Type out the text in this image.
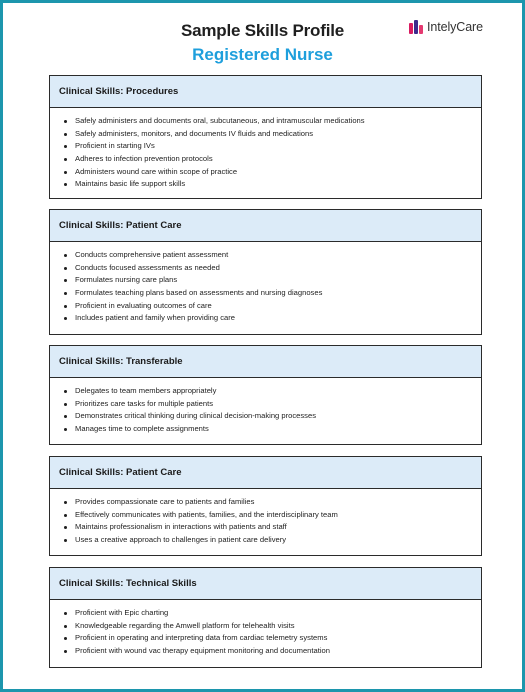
Sample Skills Profile
Registered Nurse
IntelyCare
Clinical Skills: Procedures
Safely administers and documents oral, subcutaneous, and intramuscular medications
Safely administers, monitors, and documents IV fluids and medications
Proficient in starting IVs
Adheres to infection prevention protocols
Administers wound care within scope of practice
Maintains basic life support skills
Clinical Skills: Patient Care
Conducts comprehensive patient assessment
Conducts focused assessments as needed
Formulates nursing care plans
Formulates teaching plans based on assessments and nursing diagnoses
Proficient in evaluating outcomes of care
Includes patient and family when providing care
Clinical Skills: Transferable
Delegates to team members appropriately
Prioritizes care tasks for multiple patients
Demonstrates critical thinking during clinical decision-making processes
Manages time to complete assignments
Clinical Skills: Patient Care
Provides compassionate care to patients and families
Effectively communicates with patients, families, and the interdisciplinary team
Maintains professionalism in interactions with patients and staff
Uses a creative approach to challenges in patient care delivery
Clinical Skills: Technical Skills
Proficient with Epic charting
Knowledgeable regarding the Amwell platform for telehealth visits
Proficient in operating and interpreting data from cardiac telemetry systems
Proficient with wound vac therapy equipment monitoring and documentation
